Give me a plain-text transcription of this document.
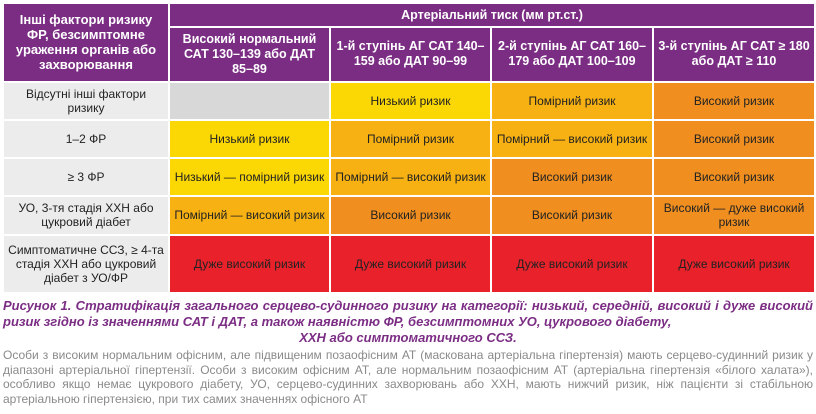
Інші фактори ризику ФР, безсимптомне ураження органів або захворювання	Артеріальний тиск (мм рт.ст.)			
	Високий нормальний САТ 130–139 або ДАТ 85–89	1-й ступінь АГ САТ 140–159 або ДАТ 90–99	2-й ступінь АГ САТ 160–179 або ДАТ 100–109	3-й ступінь АГ САТ ≥ 180 або ДАТ ≥ 110
Відсутні інші фактори ризику		Низький ризик	Помірний ризик	Високий ризик
1–2 ФР	Низький ризик	Помірний ризик	Помірний — високий ризик	Високий ризик
≥ 3 ФР	Низький — помірний ризик	Помірний — високий ризик	Високий ризик	Високий ризик
УО, 3-тя стадія ХХН або цукровий діабет	Помірний — високий ризик	Високий ризик	Високий ризик	Високий — дуже високий ризик
Симптоматичне ССЗ, ≥ 4-та стадія ХХН або цукровий діабет з УО/ФР	Дуже високий ризик	Дуже високий ризик	Дуже високий ризик	Дуже високий ризик
Рисунок 1. Стратифікація загального серцево-судинного ризику на категорії: низький, середній, високий і дуже високий ризик згідно із значеннями САТ і ДАТ, а також наявністю ФР, безсимптомних УО, цукрового діабету,
ХХН або симптоматичного ССЗ.
Особи з високим нормальним офісним, але підвищеним позаофісним АТ (маскована артеріальна гіпертензія) мають серцево-судинний ризик у діапазоні артеріальної гіпертензії. Особи з високим офісним АТ, але нормальним позаофісним АТ (артеріальна гіпертензія «білого халата»), особливо якщо немає цукрового діабету, УО, серцево-судинних захворювань або ХХН, мають нижчий ризик, ніж пацієнти зі стабільною артеріальною гіпертензією, при тих самих значеннях офісного АТ
